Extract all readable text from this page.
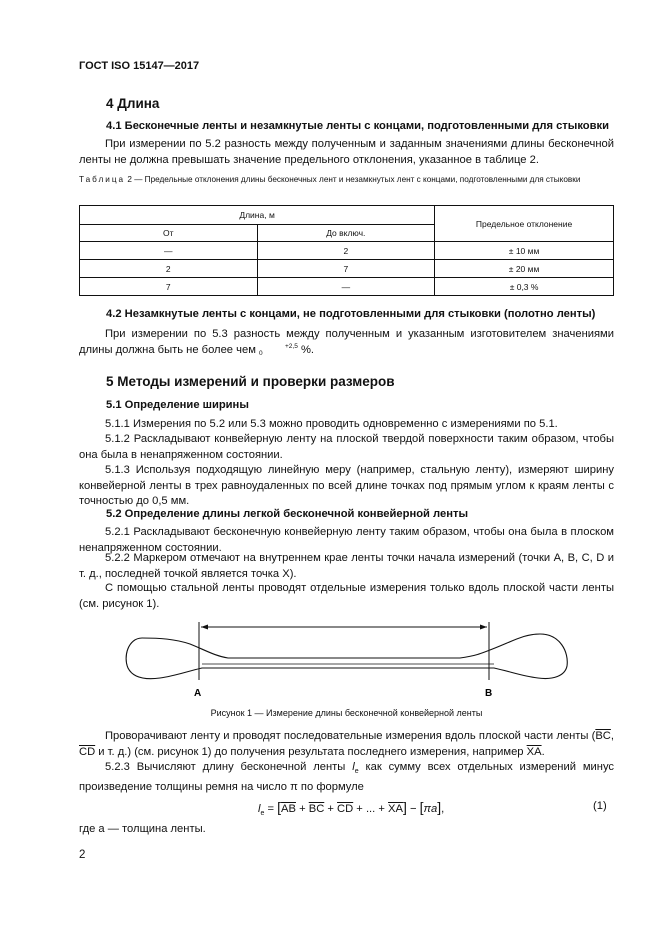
ГОСТ ISO 15147—2017
4 Длина
4.1 Бесконечные ленты и незамкнутые ленты с концами, подготовленными для стыковки
При измерении по 5.2 разность между полученным и заданным значениями длины бесконечной ленты не должна превышать значение предельного отклонения, указанное в таблице 2.
Таблица 2 — Предельные отклонения длины бесконечных лент и незамкнутых лент с концами, подготовленными для стыковки
Длина, м		Предельное отклонение
От	До включ.	
—	2	± 10 мм
2	7	± 20 мм
7	—	± 0,3 %
4.2 Незамкнутые ленты с концами, не подготовленными для стыковки (полотно ленты)
При измерении по 5.3 разность между полученным и указанным изготовителем значениями длины должна быть не более чем	+2,5
0	%.
5 Методы измерений и проверки размеров
5.1 Определение ширины
5.1.1 Измерения по 5.2 или 5.3 можно проводить одновременно с измерениями по 5.1.
5.1.2 Раскладывают конвейерную ленту на плоской твердой поверхности таким образом, чтобы она была в ненапряженном состоянии.
5.1.3 Используя подходящую линейную меру (например, стальную ленту), измеряют ширину конвейерной ленты в трех равноудаленных по всей длине точках под прямым углом к краям ленты с точностью до 0,5 мм.
5.2 Определение длины легкой бесконечной конвейерной ленты
5.2.1 Раскладывают бесконечную конвейерную ленту таким образом, чтобы она была в плоском ненапряженном состоянии.
5.2.2 Маркером отмечают на внутреннем крае ленты точки начала измерений (точки A, B, C, D и т. д., последней точкой является точка X).
С помощью стальной ленты проводят отдельные измерения только вдоль плоской части ленты (см. рисунок 1).
A	B
Рисунок 1 — Измерение длины бесконечной конвейерной ленты
Проворачивают ленту и проводят последовательные измерения вдоль плоской части ленты ($\overline{BC}$, $\overline{CD}$ и т. д.) (см. рисунок 1) до получения результата последнего измерения, например $\overline{XA}$.
5.2.3 Вычисляют длину бесконечной ленты $l_e$ как сумму всех отдельных измерений минус произведение толщины ремня на число π по формуле
$l_e = [\overline{AB} + \overline{BC} + \overline{CD}$ + ... + $\overline{XA}] - [\pi a]$,	(1)
где a — толщина ленты.
2
